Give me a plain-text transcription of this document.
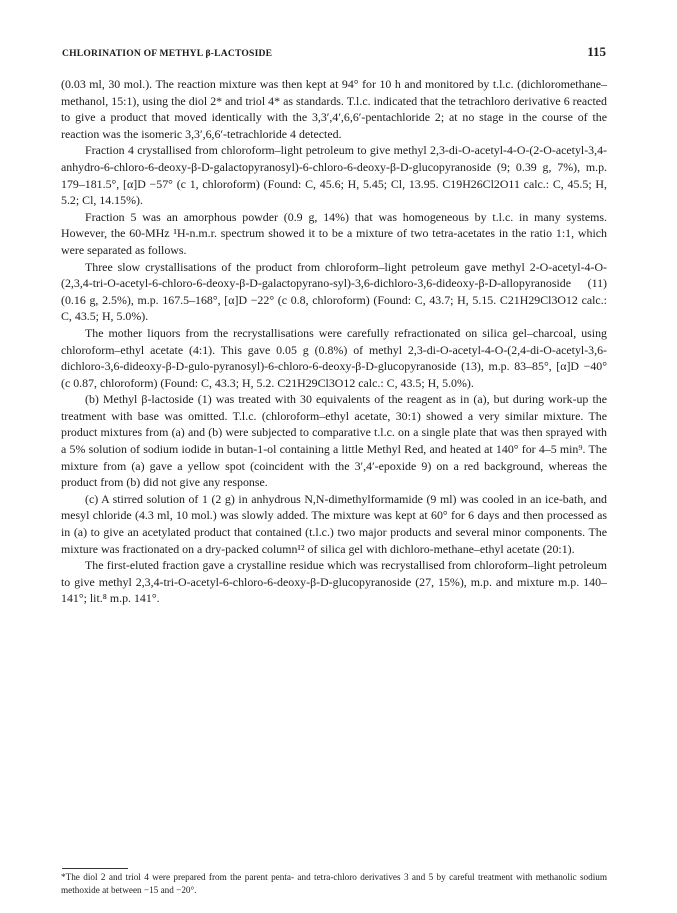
CHLORINATION OF METHYL β-LACTOSIDE	115

(0.03 ml, 30 mol.). The reaction mixture was then kept at 94° for 10 h and monitored by t.l.c. (dichloromethane–methanol, 15:1), using the diol 2* and triol 4* as standards. T.l.c. indicated that the tetrachloro derivative 6 reacted to give a product that moved identically with the 3,3′,4′,6,6′-pentachloride 2; at no stage in the course of the reaction was the isomeric 3,3′,6,6′-tetrachloride 4 detected.

Fraction 4 crystallised from chloroform–light petroleum to give methyl 2,3-di-O-acetyl-4-O-(2-O-acetyl-3,4-anhydro-6-chloro-6-deoxy-β-D-galactopyranosyl)-6-chloro-6-deoxy-β-D-glucopyranoside (9; 0.39 g, 7%), m.p. 179–181.5°, [α]D −57° (c 1, chloroform) (Found: C, 45.6; H, 5.45; Cl, 13.95. C19H26Cl2O11 calc.: C, 45.5; H, 5.2; Cl, 14.15%).

Fraction 5 was an amorphous powder (0.9 g, 14%) that was homogeneous by t.l.c. in many systems. However, the 60-MHz ¹H-n.m.r. spectrum showed it to be a mixture of two tetra-acetates in the ratio 1:1, which were separated as follows.

Three slow crystallisations of the product from chloroform–light petroleum gave methyl 2-O-acetyl-4-O-(2,3,4-tri-O-acetyl-6-chloro-6-deoxy-β-D-galactopyrano-syl)-3,6-dichloro-3,6-dideoxy-β-D-allopyranoside (11) (0.16 g, 2.5%), m.p. 167.5–168°, [α]D −22° (c 0.8, chloroform) (Found: C, 43.7; H, 5.15. C21H29Cl3O12 calc.: C, 43.5; H, 5.0%).

The mother liquors from the recrystallisations were carefully refractionated on silica gel–charcoal, using chloroform–ethyl acetate (4:1). This gave 0.05 g (0.8%) of methyl 2,3-di-O-acetyl-4-O-(2,4-di-O-acetyl-3,6-dichloro-3,6-dideoxy-β-D-gulo-pyranosyl)-6-chloro-6-deoxy-β-D-glucopyranoside (13), m.p. 83–85°, [α]D −40° (c 0.87, chloroform) (Found: C, 43.3; H, 5.2. C21H29Cl3O12 calc.: C, 43.5; H, 5.0%).

(b) Methyl β-lactoside (1) was treated with 30 equivalents of the reagent as in (a), but during work-up the treatment with base was omitted. T.l.c. (chloroform–ethyl acetate, 30:1) showed a very similar mixture. The product mixtures from (a) and (b) were subjected to comparative t.l.c. on a single plate that was then sprayed with a 5% solution of sodium iodide in butan-1-ol containing a little Methyl Red, and heated at 140° for 4–5 min⁹. The mixture from (a) gave a yellow spot (coincident with the 3′,4′-epoxide 9) on a red background, whereas the product from (b) did not give any response.

(c) A stirred solution of 1 (2 g) in anhydrous N,N-dimethylformamide (9 ml) was cooled in an ice-bath, and mesyl chloride (4.3 ml, 10 mol.) was slowly added. The mixture was kept at 60° for 6 days and then processed as in (a) to give an acetylated product that contained (t.l.c.) two major products and several minor components. The mixture was fractionated on a dry-packed column¹² of silica gel with dichloro-methane–ethyl acetate (20:1).

The first-eluted fraction gave a crystalline residue which was recrystallised from chloroform–light petroleum to give methyl 2,3,4-tri-O-acetyl-6-chloro-6-deoxy-β-D-glucopyranoside (27, 15%), m.p. and mixture m.p. 140–141°; lit.⁸ m.p. 141°.

*The diol 2 and triol 4 were prepared from the parent penta- and tetra-chloro derivatives 3 and 5 by careful treatment with methanolic sodium methoxide at between −15 and −20°.
